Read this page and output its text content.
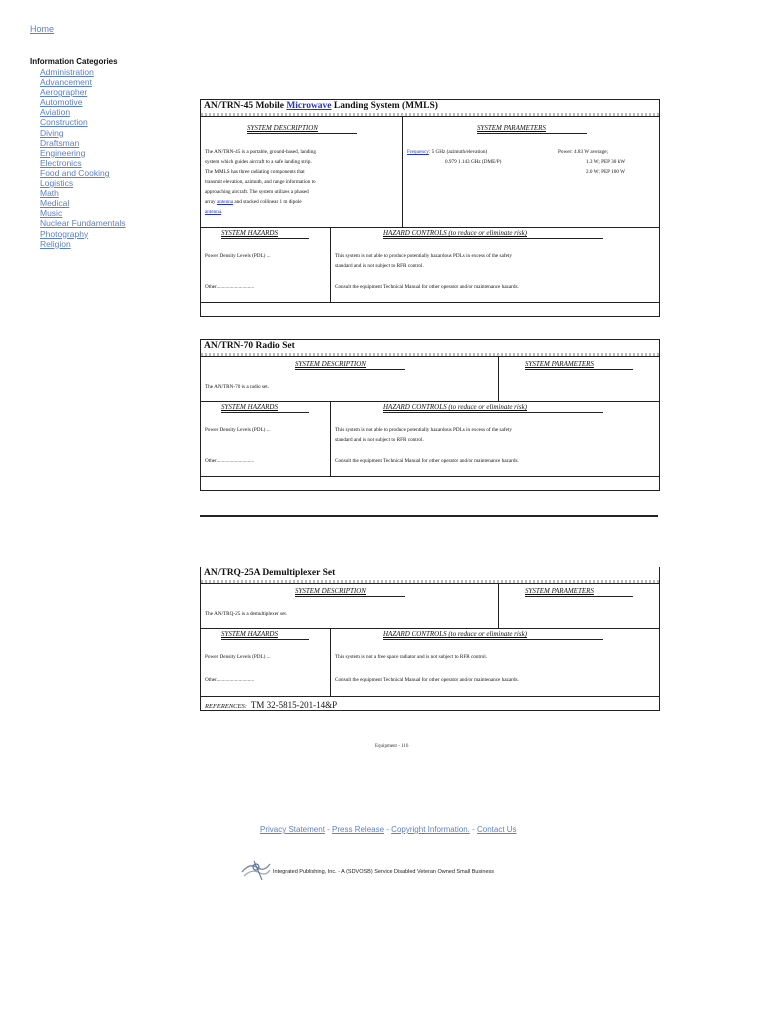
Home
Information Categories
Administration
Advancement
Aerographer
Automotive
Aviation
Construction
Diving
Draftsman
Engineering
Electronics
Food and Cooking
Logistics
Math
Medical
Music
Nuclear Fundamentals
Photography
Religion
AN/TRN-45 Mobile Microwave Landing System (MMLS)
SYSTEM DESCRIPTION
The AN/TRN-45 is a portable, ground-based, landing
system which guides aircraft to a safe landing strip.
The MMLS has three radiating components that
transmit elevation, azimuth, and range information to
approaching aircraft. The system utilizes a phased
array antenna and stacked collinear 1 m dipole
antenna.
SYSTEM PARAMETERS
Frequency: 5 GHz (azimuth/elevation)
0.979 1.143 GHz (DME/P)
Power: 4.83 W average;
1.3 W; PEP 30 kW
2.0 W; PEP 100 W
SYSTEM HAZARDS
Power Density Levels (PDL) ...
Other.............................
HAZARD CONTROLS (to reduce or eliminate risk)
This system is not able to produce potentially hazardous PDLs in excess of the safety
standard and is not subject to RFR control.
Consult the equipment Technical Manual for other operator and/or maintenance hazards.
AN/TRN-70 Radio Set
SYSTEM DESCRIPTION
The AN/TRN-70 is a radio set.
SYSTEM PARAMETERS
SYSTEM HAZARDS
Power Density Levels (PDL) ...
Other.............................
HAZARD CONTROLS (to reduce or eliminate risk)
This system is not able to produce potentially hazardous PDLs in excess of the safety
standard and is not subject to RFR control.
Consult the equipment Technical Manual for other operator and/or maintenance hazards.
AN/TRQ-25A Demultiplexer Set
SYSTEM DESCRIPTION
The AN/TRQ-25 is a demultiplexer set.
SYSTEM PARAMETERS
SYSTEM HAZARDS
Power Density Levels (PDL) ...
Other.............................
HAZARD CONTROLS (to reduce or eliminate risk)
This system is not a free space radiator and is not subject to RFR control.
Consult the equipment Technical Manual for other operator and/or maintenance hazards.
REFERENCES: TM 32-5815-201-14&P
Equipment - 116
Privacy Statement - Press Release - Copyright Information. - Contact Us
Integrated Publishing, Inc. - A (SDVOSB) Service Disabled Veteran Owned Small Business
